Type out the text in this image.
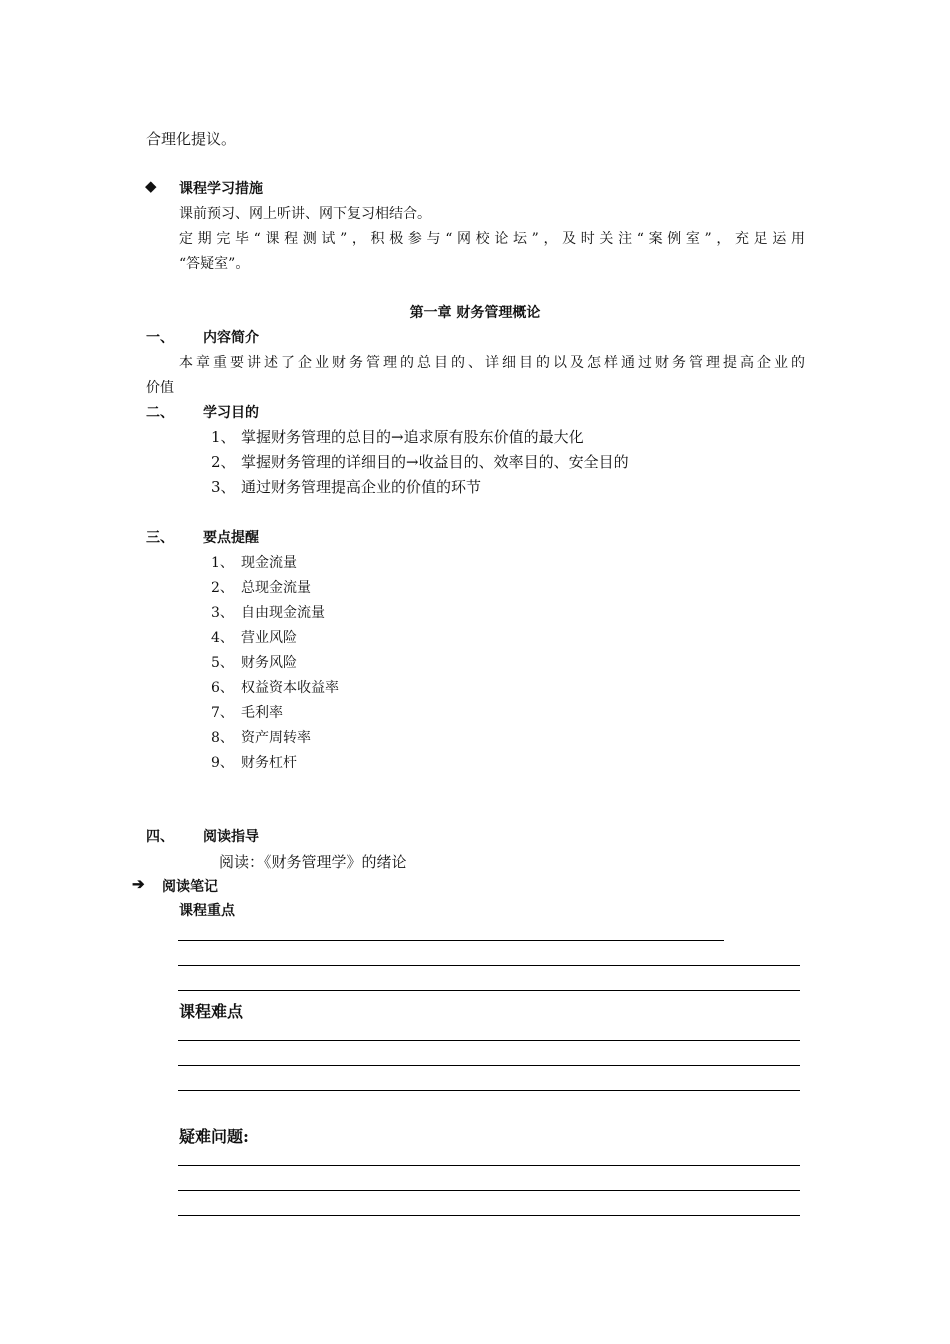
合理化提议。
◆ 课程学习措施
课前预习、网上听讲、网下复习相结合。
定期完毕“课程测试”，积极参与“网校论坛”，及时关注“案例室”，充足运用
“答疑室”。
第一章 财务管理概论
一、 内容简介
本章重要讲述了企业财务管理的总目的、详细目的以及怎样通过财务管理提高企业的
价值
二、 学习目的
1、 掌握财务管理的总目的→追求原有股东价值的最大化
2、 掌握财务管理的详细目的→收益目的、效率目的、安全目的
3、 通过财务管理提高企业的价值的环节
三、 要点提醒
1、 现金流量
2、 总现金流量
3、 自由现金流量
4、 营业风险
5、 财务风险
6、 权益资本收益率
7、 毛利率
8、 资产周转率
9、 财务杠杆
四、 阅读指导
阅读：《财务管理学》的绪论
➔ 阅读笔记
课程重点
课程难点
疑难问题:
